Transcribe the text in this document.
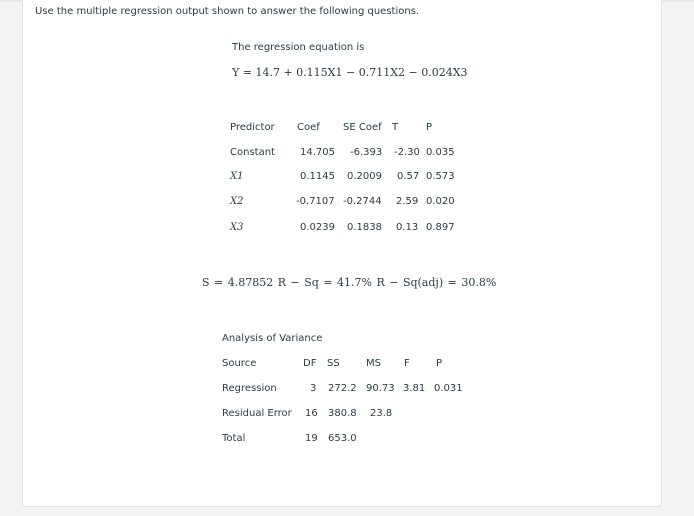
Use the multiple regression output shown to answer the following questions.
The regression equation is
Y = 14.7 + 0.115X1 − 0.711X2 − 0.024X3
Predictor Coef SE Coef T	P
Constant	14.705 -6.393 -2.30 0.035
X1	0.1145 0.2009 0.57 0.573
X2	-0.7107 -0.2744 2.59 0.020
X3	0.0239 0.1838 0.13 0.897
S = 4.87852 R − Sq = 41.7% R − Sq(adj) = 30.8%
Analysis of Variance
Source	DF SS	MS F	P
Regression	3 272.2 90.73 3.81 0.031
Residual Error 16 380.8 23.8
Total	19 653.0
